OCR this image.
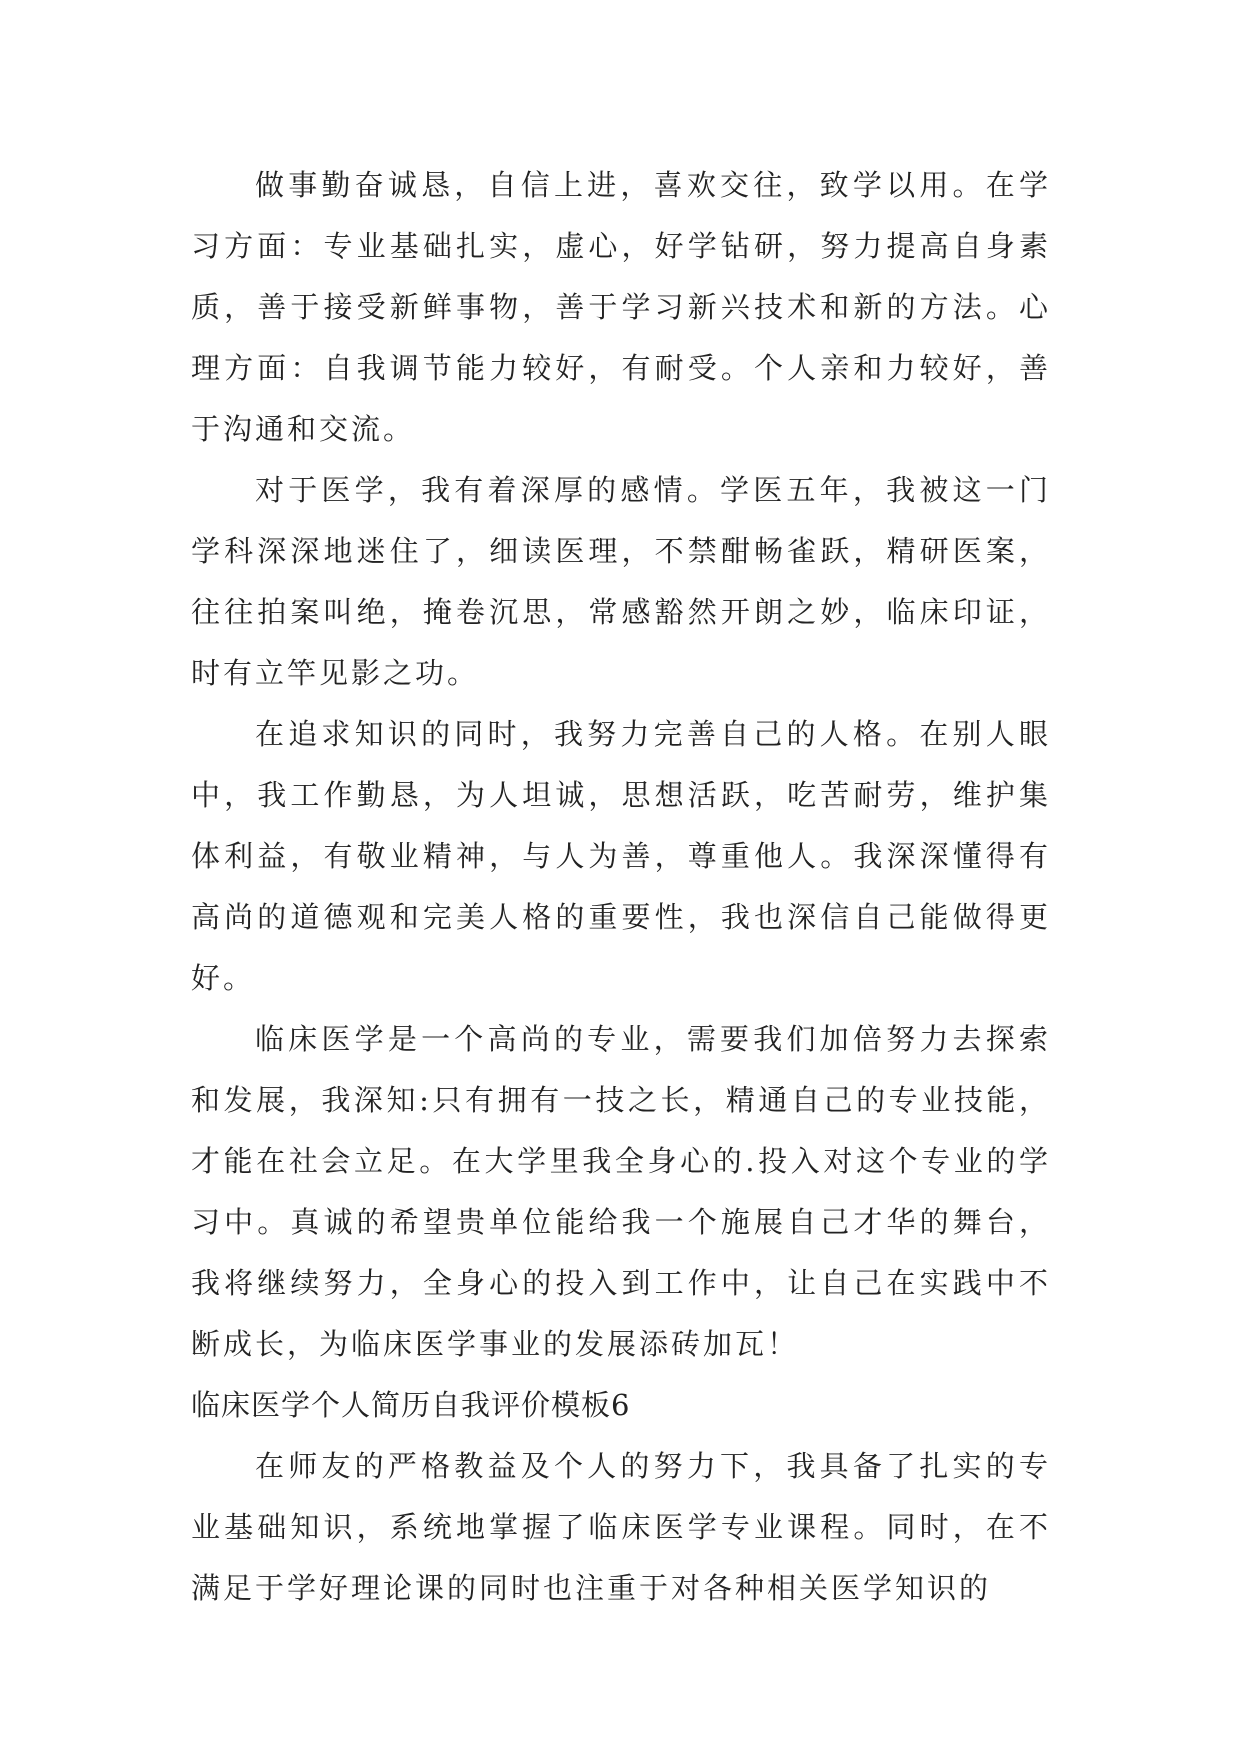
做事勤奋诚恳，自信上进，喜欢交往，致学以用。在学习方面：专业基础扎实，虚心，好学钻研，努力提高自身素质，善于接受新鲜事物，善于学习新兴技术和新的方法。心理方面：自我调节能力较好，有耐受。个人亲和力较好，善于沟通和交流。

对于医学，我有着深厚的感情。学医五年，我被这一门学科深深地迷住了，细读医理，不禁酣畅雀跃，精研医案，往往拍案叫绝，掩卷沉思，常感豁然开朗之妙，临床印证，时有立竿见影之功。

在追求知识的同时，我努力完善自己的人格。在别人眼中，我工作勤恳，为人坦诚，思想活跃，吃苦耐劳，维护集体利益，有敬业精神，与人为善，尊重他人。我深深懂得有高尚的道德观和完美人格的重要性，我也深信自己能做得更好。

临床医学是一个高尚的专业，需要我们加倍努力去探索和发展，我深知:只有拥有一技之长，精通自己的专业技能，才能在社会立足。在大学里我全身心的.投入对这个专业的学习中。真诚的希望贵单位能给我一个施展自己才华的舞台，我将继续努力，全身心的投入到工作中，让自己在实践中不断成长，为临床医学事业的发展添砖加瓦！

临床医学个人简历自我评价模板6

在师友的严格教益及个人的努力下，我具备了扎实的专业基础知识，系统地掌握了临床医学专业课程。同时，在不满足于学好理论课的同时也注重于对各种相关医学知识的
